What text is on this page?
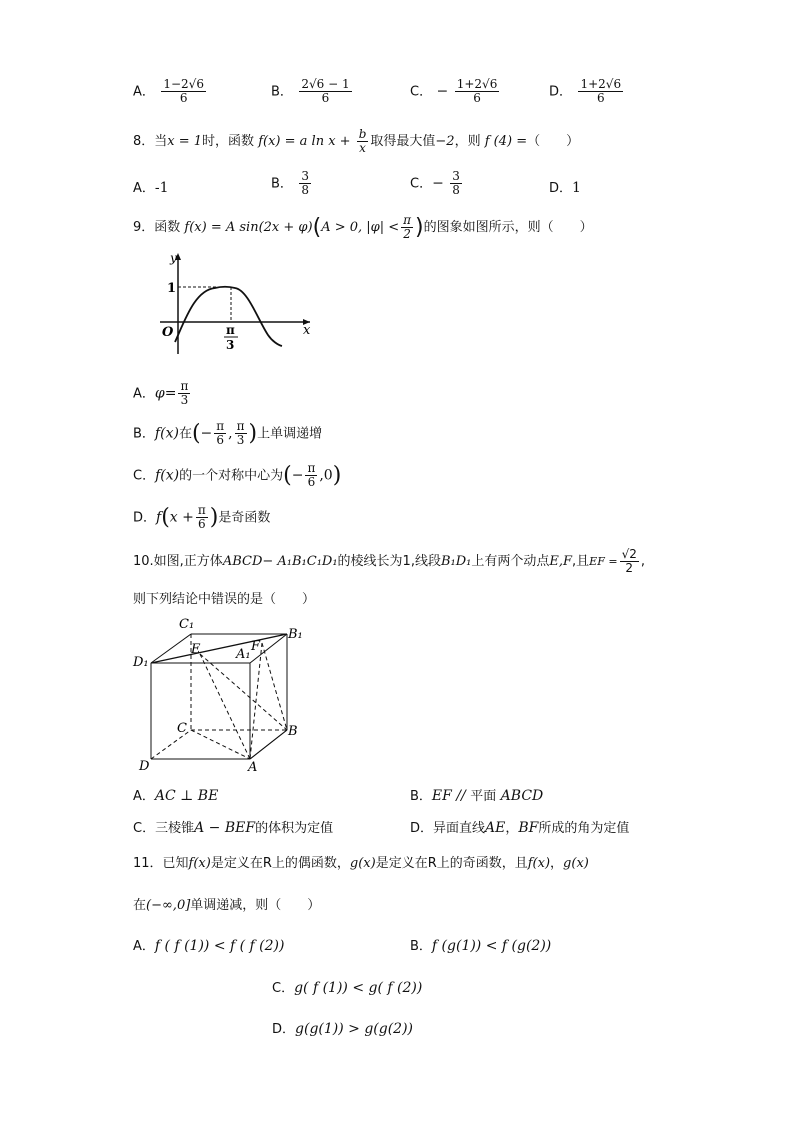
A． $\frac{1-2√6}{6}$	B． $\frac{2√6 - 1}{6}$	C． − $\frac{1+2√6}{6}$	D． $\frac{1+2√6}{6}$
8．当x = 1时，函数 f(x) = a $\ln x + \frac{b}{x}$ 取得最大值−2，则 f (4) =（　　）
A．-1	B． $\frac{3}{8}$	C．− $\frac{3}{8}$	D．1
9．函数 f(x) = A sin(2x + φ)(A > 0, $|\varphi| < \frac{\pi}{2}$ )的图象如图所示，则（　　）
y
x
O
1
π
3
A．$\varphi= \frac{\pi}{3}$
B．f(x)在(− $\frac{\pi}{6}$ , $\frac{\pi}{3}$ )上单调递增
C．f(x)的一个对称中心为(− $\frac{\pi}{6} ,0$)
D．$f(x + \frac{\pi}{6}$ )是奇函数
10.如图,正方体ABCD− A₁B₁C₁D₁的棱线长为1,线段B₁D₁上有两个动点E,F,且EF = $\frac{√2}{2}$ ,
则下列结论中错误的是（　　）
C₁
B₁
D₁
A₁
E	F
C	B
D	A
A．AC ⊥ BE	B．EF // 平面 ABCD
C．三棱锥A − BEF的体积为定值	D．异面直线AE，BF所成的角为定值
11．已知f(x)是定义在R上的偶函数，g(x)是定义在R上的奇函数，且f(x)，g(x)
在(−∞,0]单调递减，则（　　）
A．f ( f (1)) < f ( f (2))	B．f (g(1)) < f (g(2))
C．g( f (1)) < g( f (2))
D．g(g(1)) > g(g(2))
